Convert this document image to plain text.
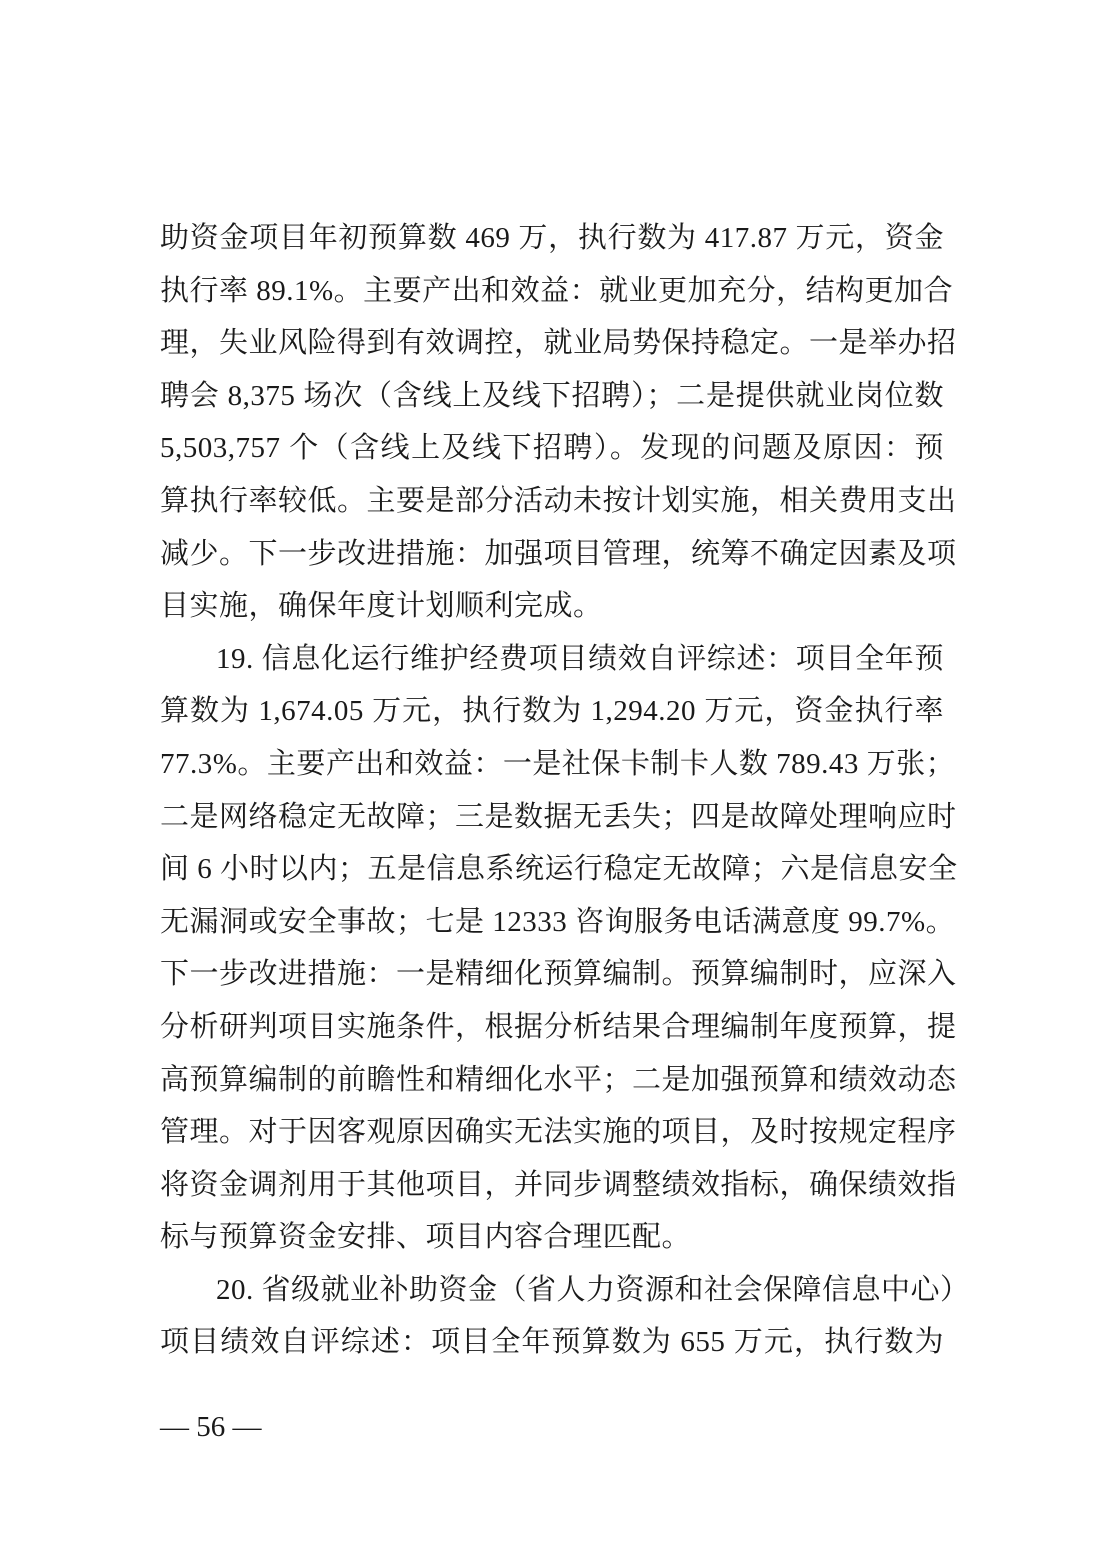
助资金项目年初预算数 469 万，执行数为 417.87 万元，资金
执行率 89.1%。主要产出和效益：就业更加充分，结构更加合
理，失业风险得到有效调控，就业局势保持稳定。一是举办招
聘会 8,375 场次（含线上及线下招聘）；二是提供就业岗位数
5,503,757 个（含线上及线下招聘）。发现的问题及原因：预
算执行率较低。主要是部分活动未按计划实施，相关费用支出
减少。下一步改进措施：加强项目管理，统筹不确定因素及项
目实施，确保年度计划顺利完成。
19. 信息化运行维护经费项目绩效自评综述：项目全年预
算数为 1,674.05 万元，执行数为 1,294.20 万元，资金执行率
77.3%。主要产出和效益：一是社保卡制卡人数 789.43 万张；
二是网络稳定无故障；三是数据无丢失；四是故障处理响应时
间 6 小时以内；五是信息系统运行稳定无故障；六是信息安全
无漏洞或安全事故；七是 12333 咨询服务电话满意度 99.7%。
下一步改进措施：一是精细化预算编制。预算编制时，应深入
分析研判项目实施条件，根据分析结果合理编制年度预算，提
高预算编制的前瞻性和精细化水平；二是加强预算和绩效动态
管理。对于因客观原因确实无法实施的项目，及时按规定程序
将资金调剂用于其他项目，并同步调整绩效指标，确保绩效指
标与预算资金安排、项目内容合理匹配。
20. 省级就业补助资金（省人力资源和社会保障信息中心）
项目绩效自评综述：项目全年预算数为 655 万元，执行数为
— 56 —
